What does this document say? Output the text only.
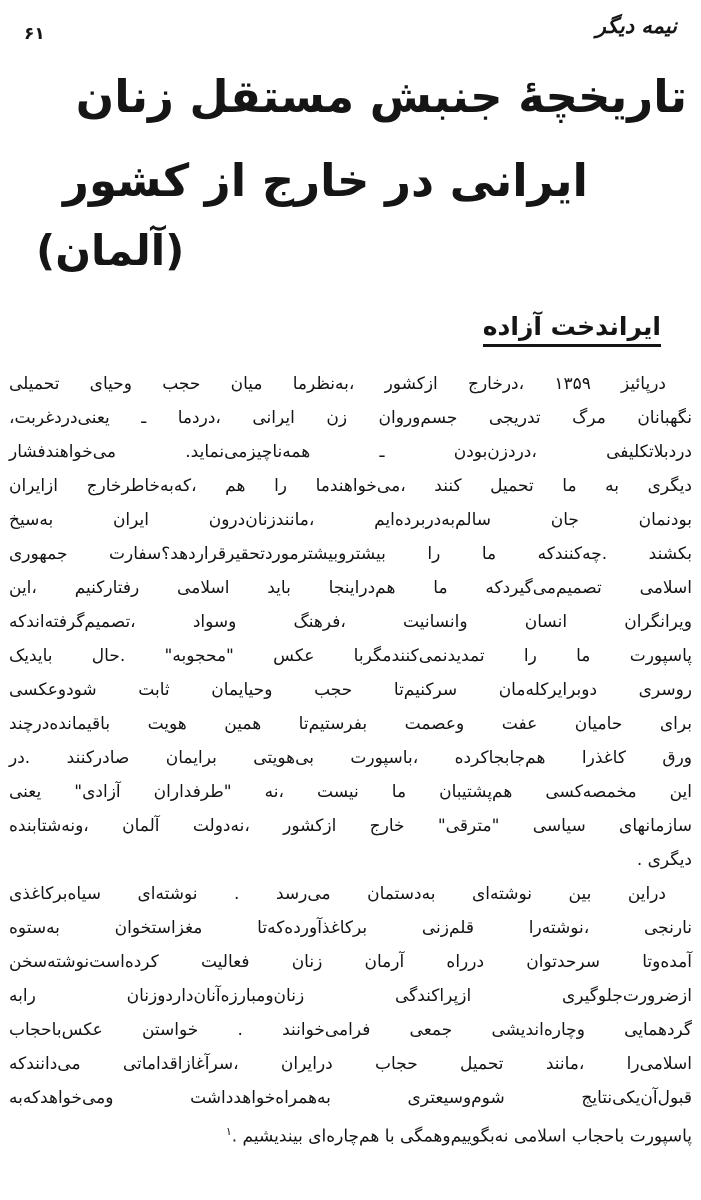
نیمه دیگر
۶۱
تاریخچهٔ جنبش مستقل زنان
ایرانی در خارج از کشور
(آلمان)
ایراندخت آزاده
درپائیز ۱۳۵۹ ،درخارج ازکشور ،به‌نظرما میان حجب وحیای تحمیلی
نگهبانان مرگ تدریجی جسم‌وروان زن ایرانی ،دردما ـ یعنی‌دردغربت،
دردبلاتکلیفی ،دردزن‌بودن ـ همه‌ناچیزمی‌نماید. می‌خواهندفشار
دیگری به ما تحمیل کنند ،می‌خواهندما را هم ،که‌به‌خاطرخارج ازایران
بودنمان جان سالم‌به‌دربرده‌ایم ،مانندزنان‌درون ایران به‌سیخ
بکشند .چه‌کنندکه ما را بیشتروبیشترموردتحقیرقراردهد؟سفارت جمهوری
اسلامی تصمیم‌می‌گیردکه ما هم‌دراینجا باید اسلامی رفتارکنیم ،این
ویرانگران انسان وانسانیت ،فرهنگ وسواد ،تصمیم‌گرفته‌اندکه
پاسپورت ما را تمدیدنمی‌کنندمگربا عکس "محجوبه" .حال بایدیک
روسری دوبرایرکله‌مان سرکنیم‌تا حجب وحیایمان ثابت شودوعکسی
برای حامیان عفت وعصمت بفرستیم‌تا همین هویت باقیمانده‌درچند
ورق کاغذرا هم‌جابجاکرده ،باسپورت بی‌هویتی برایمان صادرکنند .در
این مخمصه‌کسی هم‌پشتیبان ما نیست ،نه "طرفداران آزادی" یعنی
سازمانهای سیاسی "مترقی" خارج ازکشور ،نه‌دولت آلمان ،ونه‌شتابنده
دیگری .
دراین بین نوشته‌ای به‌دستمان می‌رسد . نوشته‌ای سیاه‌برکاغذی
نارنجی ،نوشته‌را قلم‌زنی برکاغذآورده‌که‌تا مغزاستخوان به‌ستوه
آمده‌وتا سرحدتوان درراه آرمان زنان فعالیت کرده‌است‌نوشته‌سخن
ازضرورت‌جلوگیری ازپراکندگی زنان‌ومبارزه‌آنان‌داردوزنان رابه
گردهمایی وچاره‌اندیشی جمعی فرامی‌خوانند . خواستن عکس‌باحجاب
اسلامی‌را ،مانند تحمیل حجاب درایران ،سرآغازاقداماتی می‌دانندکه
قبول‌آن‌یکی‌نتایج شوم‌وسیعتری به‌همراه‌خواهدداشت ومی‌خواهدکه‌به
پاسپورت باحجاب اسلامی نه‌بگوییم‌وهمگی با هم‌چاره‌ای بیندیشیم .$^۱$
